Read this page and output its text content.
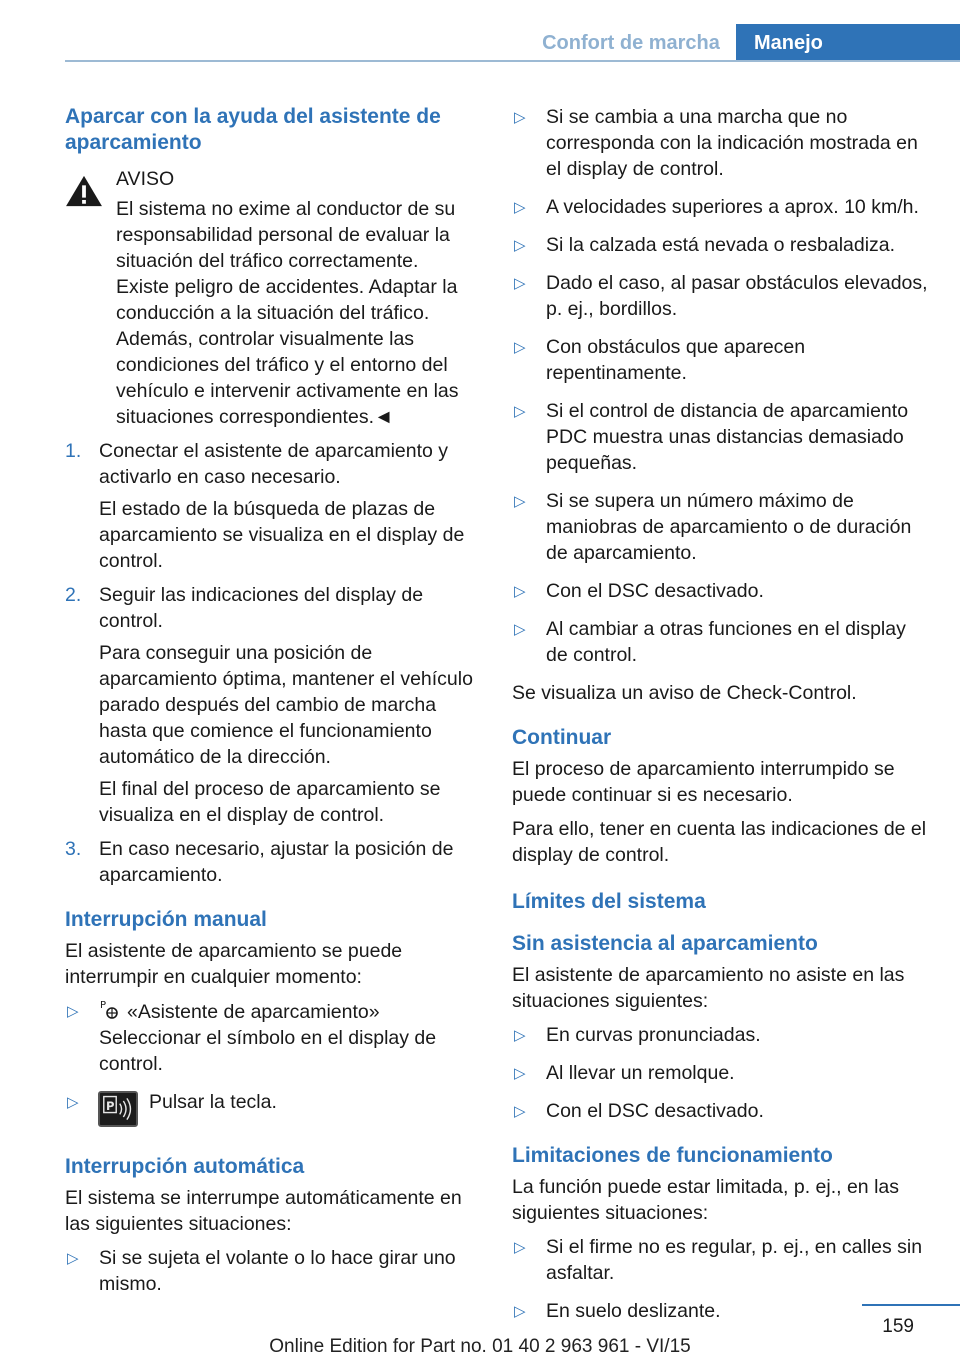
Confort de marcha	Manejo
Aparcar con la ayuda del asistente de aparcamiento

AVISO

El sistema no exime al conductor de su responsabilidad personal de evaluar la situación del tráfico correctamente. Existe peligro de accidentes. Adaptar la conducción a la situación del tráfico. Además, controlar visualmente las condiciones del tráfico y el entorno del vehículo e intervenir activamente en las situaciones correspondientes.◄

1. Conectar el asistente de aparcamiento y activarlo en caso necesario.
El estado de la búsqueda de plazas de aparcamiento se visualiza en el display de control.
2. Seguir las indicaciones del display de control.
Para conseguir una posición de aparcamiento óptima, mantener el vehículo parado después del cambio de marcha hasta que comience el funcionamiento automático de la dirección.
El final del proceso de aparcamiento se visualiza en el display de control.
3. En caso necesario, ajustar la posición de aparcamiento.
Interrupción manual

El asistente de aparcamiento se puede interrumpir en cualquier momento:

▷ P «Asistente de aparcamiento» Seleccionar el símbolo en el display de control.
▷ P Pulsar la tecla.
Interrupción automática

El sistema se interrumpe automáticamente en las siguientes situaciones:

▷ Si se sujeta el volante o lo hace girar uno mismo.
▷ Si se cambia a una marcha que no corresponda con la indicación mostrada en el display de control.
▷ A velocidades superiores a aprox. 10 km/h.
▷ Si la calzada está nevada o resbaladiza.
▷ Dado el caso, al pasar obstáculos elevados, p. ej., bordillos.
▷ Con obstáculos que aparecen repentinamente.
▷ Si el control de distancia de aparcamiento PDC muestra unas distancias demasiado pequeñas.
▷ Si se supera un número máximo de maniobras de aparcamiento o de duración de aparcamiento.
▷ Con el DSC desactivado.
▷ Al cambiar a otras funciones en el display de control.

Se visualiza un aviso de Check-Control.

Continuar

El proceso de aparcamiento interrumpido se puede continuar si es necesario.

Para ello, tener en cuenta las indicaciones de el display de control.

Límites del sistema
Sin asistencia al aparcamiento

El asistente de aparcamiento no asiste en las situaciones siguientes:

▷ En curvas pronunciadas.
▷ Al llevar un remolque.
▷ Con el DSC desactivado.
Limitaciones de funcionamiento

La función puede estar limitada, p. ej., en las siguientes situaciones:

▷ Si el firme no es regular, p. ej., en calles sin asfaltar.
▷ En suelo deslizante.
159
Online Edition for Part no. 01 40 2 963 961 - VI/15
